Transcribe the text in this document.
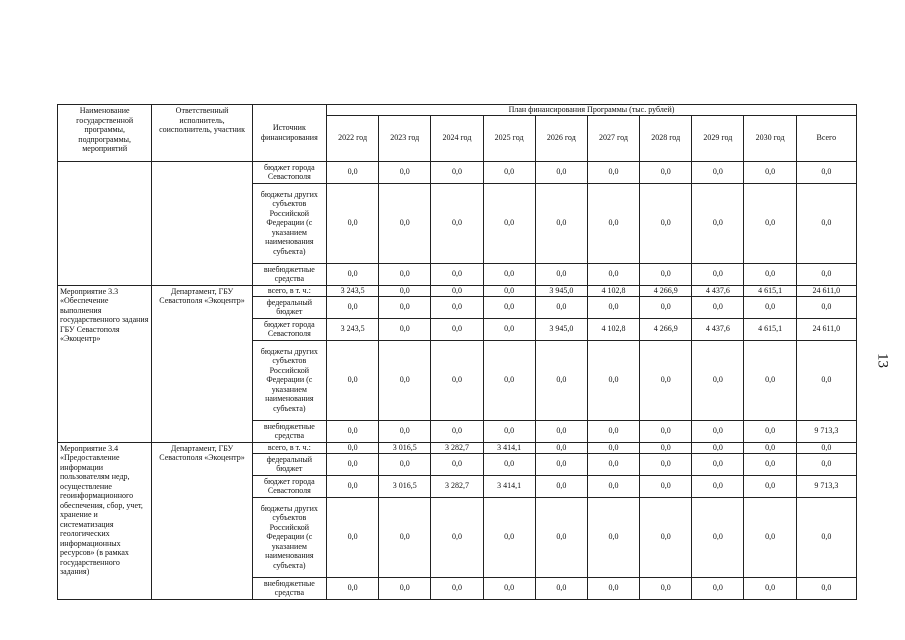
Наименование государственной программы, подпрограммы, мероприятий	Ответственный исполнитель, соисполнитель, участник	Источник финансирования	План финансирования Программы (тыс. рублей)									
			2022 год	2023 год	2024 год	2025 год	2026 год	2027 год	2028 год	2029 год	2030 год	Всего
		бюджет города Севастополя	0,0	0,0	0,0	0,0	0,0	0,0	0,0	0,0	0,0	0,0
		бюджеты других субъектов Российской Федерации (с указанием наименования субъекта)	0,0	0,0	0,0	0,0	0,0	0,0	0,0	0,0	0,0	0,0
		внебюджетные средства	0,0	0,0	0,0	0,0	0,0	0,0	0,0	0,0	0,0	0,0
Мероприятие 3.3 «Обеспечение выполнения государственного задания ГБУ Севастополя «Экоцентр»	Департамент, ГБУ Севастополя «Экоцентр»	всего, в т. ч.:	3 243,5	0,0	0,0	0,0	3 945,0	4 102,8	4 266,9	4 437,6	4 615,1	24 611,0
		федеральный бюджет	0,0	0,0	0,0	0,0	0,0	0,0	0,0	0,0	0,0	0,0
		бюджет города Севастополя	3 243,5	0,0	0,0	0,0	3 945,0	4 102,8	4 266,9	4 437,6	4 615,1	24 611,0
		бюджеты других субъектов Российской Федерации (с указанием наименования субъекта)	0,0	0,0	0,0	0,0	0,0	0,0	0,0	0,0	0,0	0,0
		внебюджетные средства	0,0	0,0	0,0	0,0	0,0	0,0	0,0	0,0	0,0	9 713,3
Мероприятие 3.4 «Предоставление информации пользователям недр, осуществление геоинформационного обеспечения, сбор, учет, хранение и систематизация геологических информационных ресурсов» (в рамках государственного задания)	Департамент, ГБУ Севастополя «Экоцентр»	всего, в т. ч.:	0,0	3 016,5	3 282,7	3 414,1	0,0	0,0	0,0	0,0	0,0	0,0
		федеральный бюджет	0,0	0,0	0,0	0,0	0,0	0,0	0,0	0,0	0,0	0,0
		бюджет города Севастополя	0,0	3 016,5	3 282,7	3 414,1	0,0	0,0	0,0	0,0	0,0	9 713,3
		бюджеты других субъектов Российской Федерации (с указанием наименования субъекта)	0,0	0,0	0,0	0,0	0,0	0,0	0,0	0,0	0,0	0,0
		внебюджетные средства	0,0	0,0	0,0	0,0	0,0	0,0	0,0	0,0	0,0	0,0
13
